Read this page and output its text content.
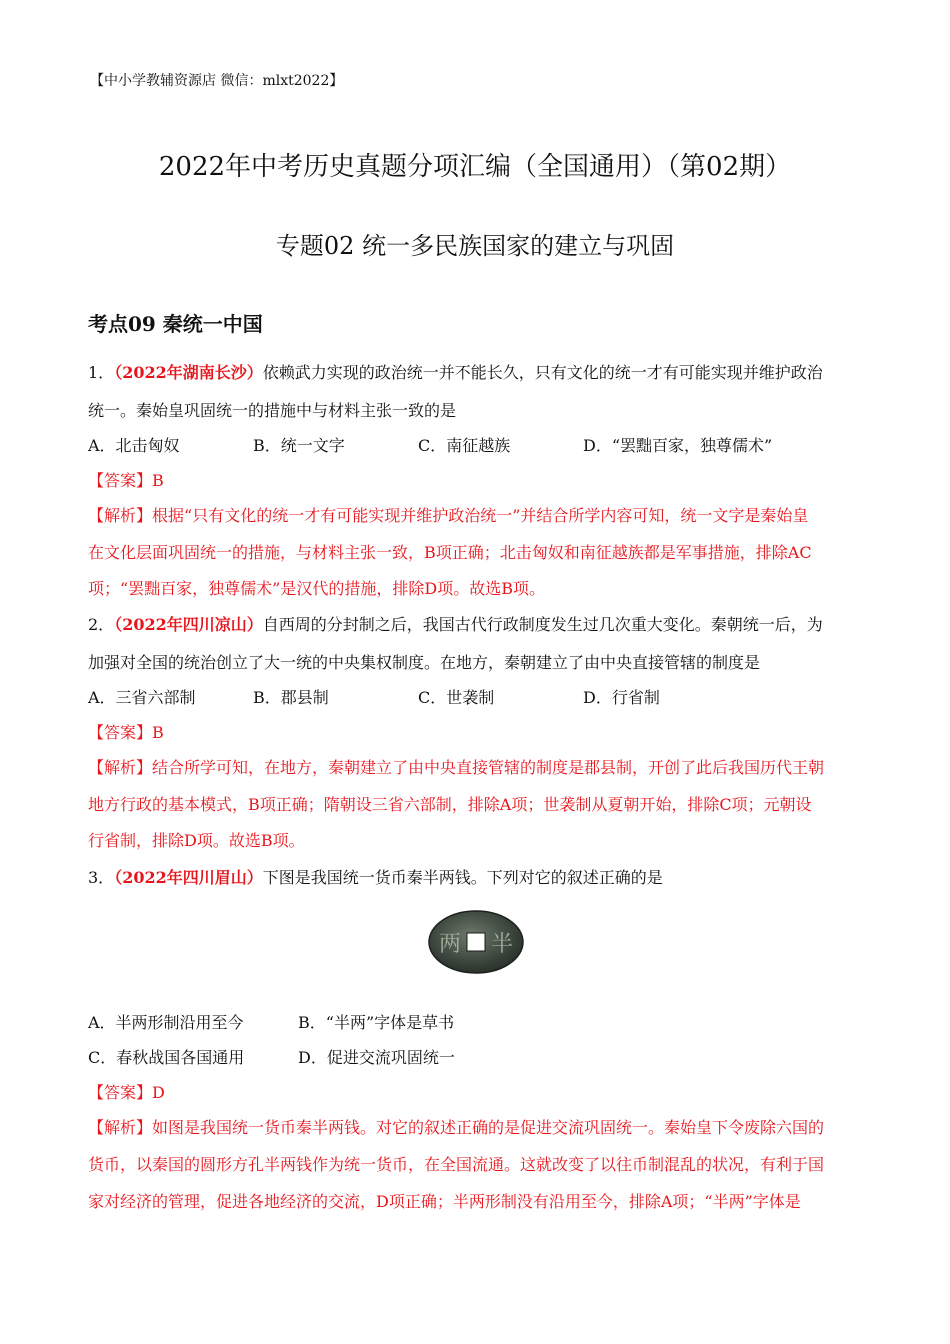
【中小学教辅资源店 微信：mlxt2022】
2022年中考历史真题分项汇编（全国通用）（第02期）
专题02 统一多民族国家的建立与巩固
考点09 秦统一中国
1．（2022年湖南长沙）依赖武力实现的政治统一并不能长久，只有文化的统一才有可能实现并维护政治
统一。秦始皇巩固统一的措施中与材料主张一致的是
A．北击匈奴	B．统一文字	C．南征越族	D．“罢黜百家，独尊儒术”
【答案】B
【解析】根据“只有文化的统一才有可能实现并维护政治统一”并结合所学内容可知，统一文字是秦始皇
在文化层面巩固统一的措施，与材料主张一致，B项正确；北击匈奴和南征越族都是军事措施，排除AC
项；“罢黜百家，独尊儒术”是汉代的措施，排除D项。故选B项。
2．（2022年四川凉山）自西周的分封制之后，我国古代行政制度发生过几次重大变化。秦朝统一后，为
加强对全国的统治创立了大一统的中央集权制度。在地方，秦朝建立了由中央直接管辖的制度是
A．三省六部制	B．郡县制	C．世袭制	D．行省制
【答案】B
【解析】结合所学可知，在地方，秦朝建立了由中央直接管辖的制度是郡县制，开创了此后我国历代王朝
地方行政的基本模式，B项正确；隋朝设三省六部制，排除A项；世袭制从夏朝开始，排除C项；元朝设
行省制，排除D项。故选B项。
3．（2022年四川眉山）下图是我国统一货币秦半两钱。下列对它的叙述正确的是
两 半
A．半两形制沿用至今	B．“半两”字体是草书
C．春秋战国各国通用	D．促进交流巩固统一
【答案】D
【解析】如图是我国统一货币秦半两钱。对它的叙述正确的是促进交流巩固统一。秦始皇下令废除六国的
货币，以秦国的圆形方孔半两钱作为统一货币，在全国流通。这就改变了以往币制混乱的状况，有利于国
家对经济的管理，促进各地经济的交流，D项正确；半两形制没有沿用至今，排除A项；“半两”字体是
